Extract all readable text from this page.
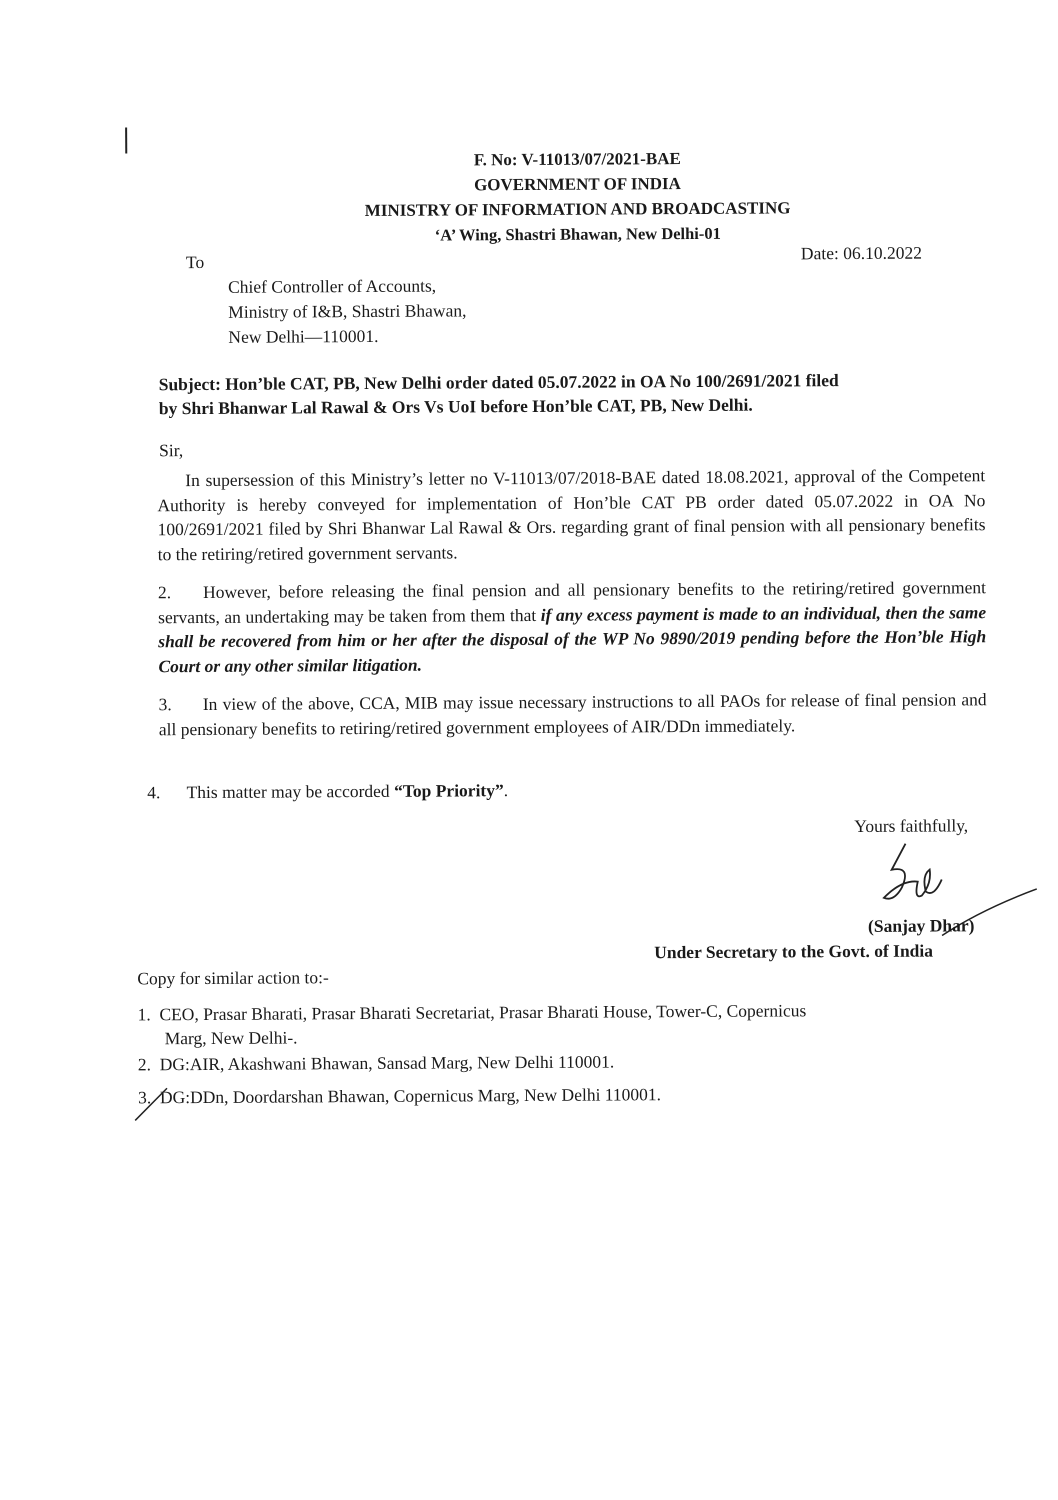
F. No: V-11013/07/2021-BAE
GOVERNMENT OF INDIA
MINISTRY OF INFORMATION AND BROADCASTING
‘A’ Wing, Shastri Bhawan, New Delhi-01
To	Date: 06.10.2022
Chief Controller of Accounts,
Ministry of I&B, Shastri Bhawan,
New Delhi—110001.
Subject: Hon’ble CAT, PB, New Delhi order dated 05.07.2022 in OA No 100/2691/2021 filed
by Shri Bhanwar Lal Rawal & Ors Vs UoI before Hon’ble CAT, PB, New Delhi.
Sir,
In supersession of this Ministry’s letter no V-11013/07/2018-BAE dated 18.08.2021, approval of the Competent Authority is hereby conveyed for implementation of Hon’ble CAT PB order dated 05.07.2022 in OA No 100/2691/2021 filed by Shri Bhanwar Lal Rawal & Ors. regarding grant of final pension with all pensionary benefits to the retiring/retired government servants.
2. However, before releasing the final pension and all pensionary benefits to the retiring/retired government servants, an undertaking may be taken from them that if any excess payment is made to an individual, then the same shall be recovered from him or her after the disposal of the WP No 9890/2019 pending before the Hon’ble High Court or any other similar litigation.
3. In view of the above, CCA, MIB may issue necessary instructions to all PAOs for release of final pension and all pensionary benefits to retiring/retired government employees of AIR/DDn immediately.
4. This matter may be accorded “Top Priority”.
Yours faithfully,
(Sanjay Dhar)
Under Secretary to the Govt. of India
Copy for similar action to:-
1. CEO, Prasar Bharati, Prasar Bharati Secretariat, Prasar Bharati House, Tower-C, Copernicus
Marg, New Delhi-.
2. DG:AIR, Akashwani Bhawan, Sansad Marg, New Delhi 110001.
3. DG:DDn, Doordarshan Bhawan, Copernicus Marg, New Delhi 110001.
